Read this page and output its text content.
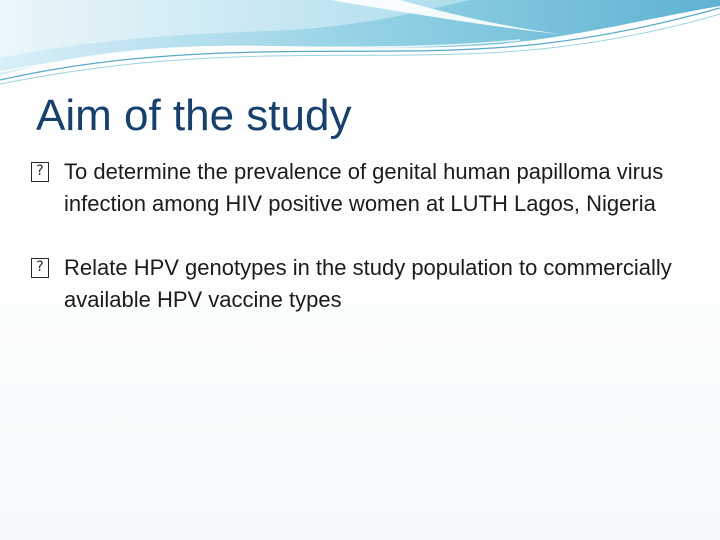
Aim of the study
? To determine the prevalence of genital human papilloma virus infection among HIV positive women at LUTH Lagos, Nigeria
? Relate HPV genotypes in the study population to commercially available HPV vaccine types
